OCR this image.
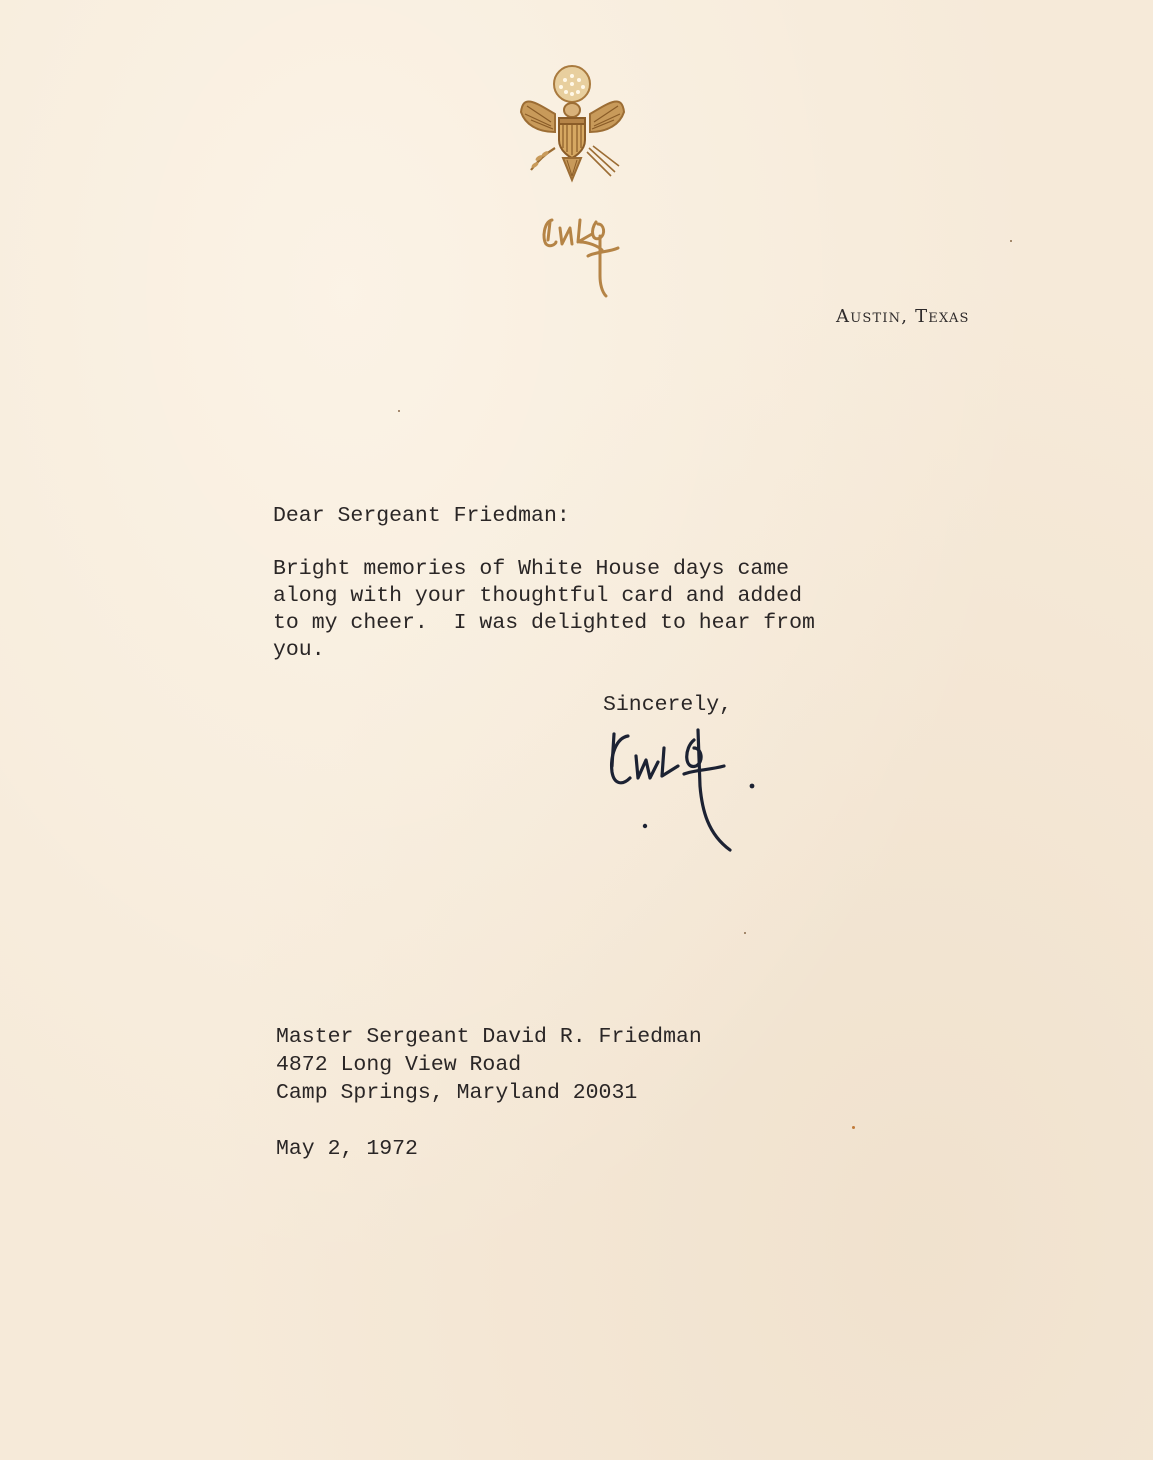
Austin, Texas
Dear Sergeant Friedman:
Bright memories of White House days came
along with your thoughtful card and added
to my cheer.  I was delighted to hear from
you.
Sincerely,
Master Sergeant David R. Friedman
4872 Long View Road
Camp Springs, Maryland 20031
May 2, 1972
